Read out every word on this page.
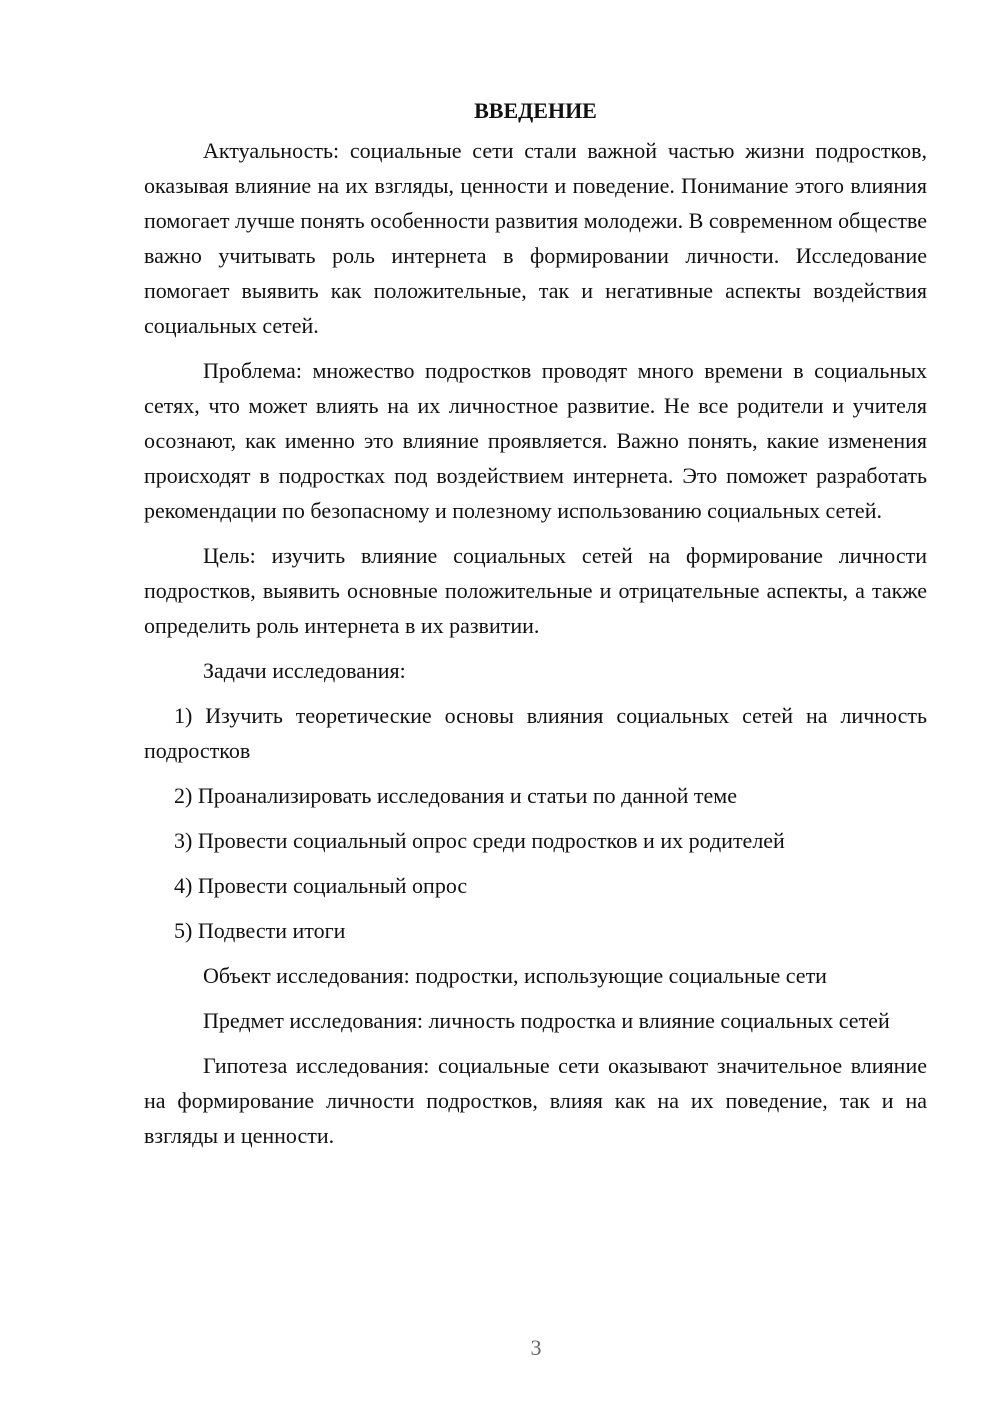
ВВЕДЕНИЕ

Актуальность: социальные сети стали важной частью жизни подростков, оказывая влияние на их взгляды, ценности и поведение. Понимание этого влияния помогает лучше понять особенности развития молодежи. В современном обществе важно учитывать роль интернета в формировании личности. Исследование помогает выявить как положительные, так и негативные аспекты воздействия социальных сетей.

Проблема: множество подростков проводят много времени в социальных сетях, что может влиять на их личностное развитие. Не все родители и учителя осознают, как именно это влияние проявляется. Важно понять, какие изменения происходят в подростках под воздействием интернета. Это поможет разработать рекомендации по безопасному и полезному использованию социальных сетей.

Цель: изучить влияние социальных сетей на формирование личности подростков, выявить основные положительные и отрицательные аспекты, а также определить роль интернета в их развитии.

Задачи исследования:

1) Изучить теоретические основы влияния социальных сетей на личность подростков

2) Проанализировать исследования и статьи по данной теме

3) Провести социальный опрос среди подростков и их родителей

4) Провести социальный опрос

5) Подвести итоги

Объект исследования: подростки, использующие социальные сети

Предмет исследования: личность подростка и влияние социальных сетей

Гипотеза исследования: социальные сети оказывают значительное влияние на формирование личности подростков, влияя как на их поведение, так и на взгляды и ценности.

3
